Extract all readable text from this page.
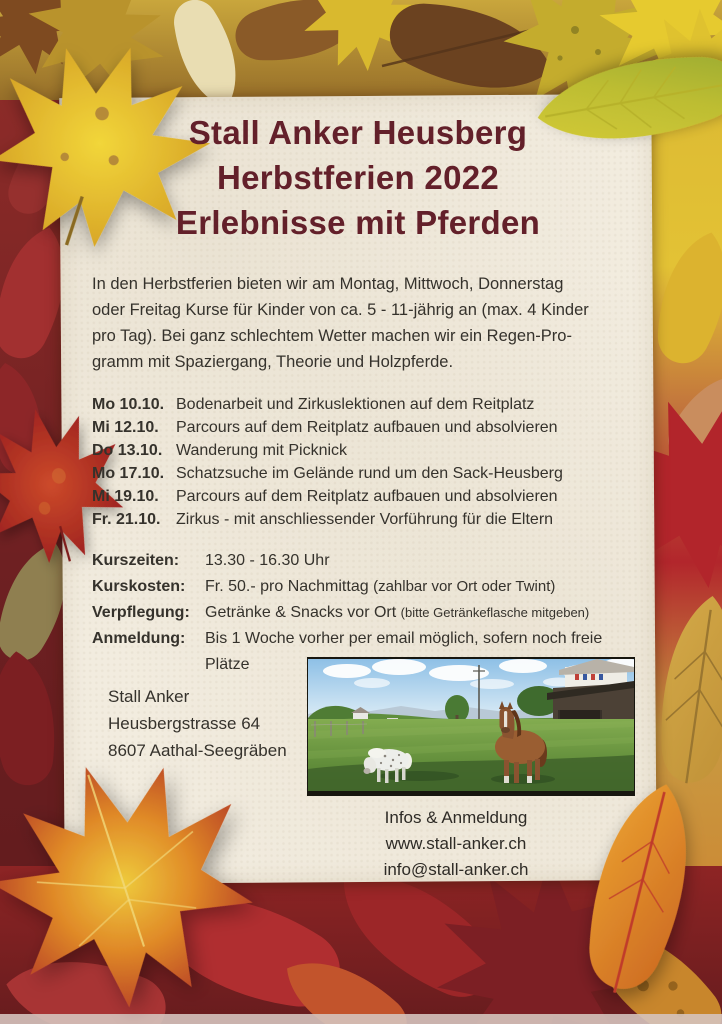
Stall Anker Heusberg
Herbstferien 2022
Erlebnisse mit Pferden
In den Herbstferien bieten wir am Montag, Mittwoch, Donnerstag
oder Freitag Kurse für Kinder von ca. 5 - 11-jährig an (max. 4 Kinder
pro Tag). Bei ganz schlechtem Wetter machen wir ein Regen-Pro-
gramm mit Spaziergang, Theorie und Holzpferde.
Mo 10.10. Bodenarbeit und Zirkuslektionen auf dem Reitplatz
Mi 12.10.	Parcours auf dem Reitplatz aufbauen und absolvieren
Do 13.10. Wanderung mit Picknick
Mo 17.10. Schatzsuche im Gelände rund um den Sack-Heusberg
Mi 19.10.	Parcours auf dem Reitplatz aufbauen und absolvieren
Fr. 21.10. Zirkus - mit anschliessender Vorführung für die Eltern
Kurszeiten:	13.30 - 16.30 Uhr
Kurskosten:	Fr. 50.- pro Nachmittag (zahlbar vor Ort oder Twint)
Verpflegung: Getränke & Snacks vor Ort (bitte Getränkeflasche mitgeben)
Anmeldung:	Bis 1 Woche vorher per email möglich, sofern noch freie Plätze
Stall Anker
Heusbergstrasse 64
8607 Aathal-Seegräben
Infos & Anmeldung
www.stall-anker.ch
info@stall-anker.ch
